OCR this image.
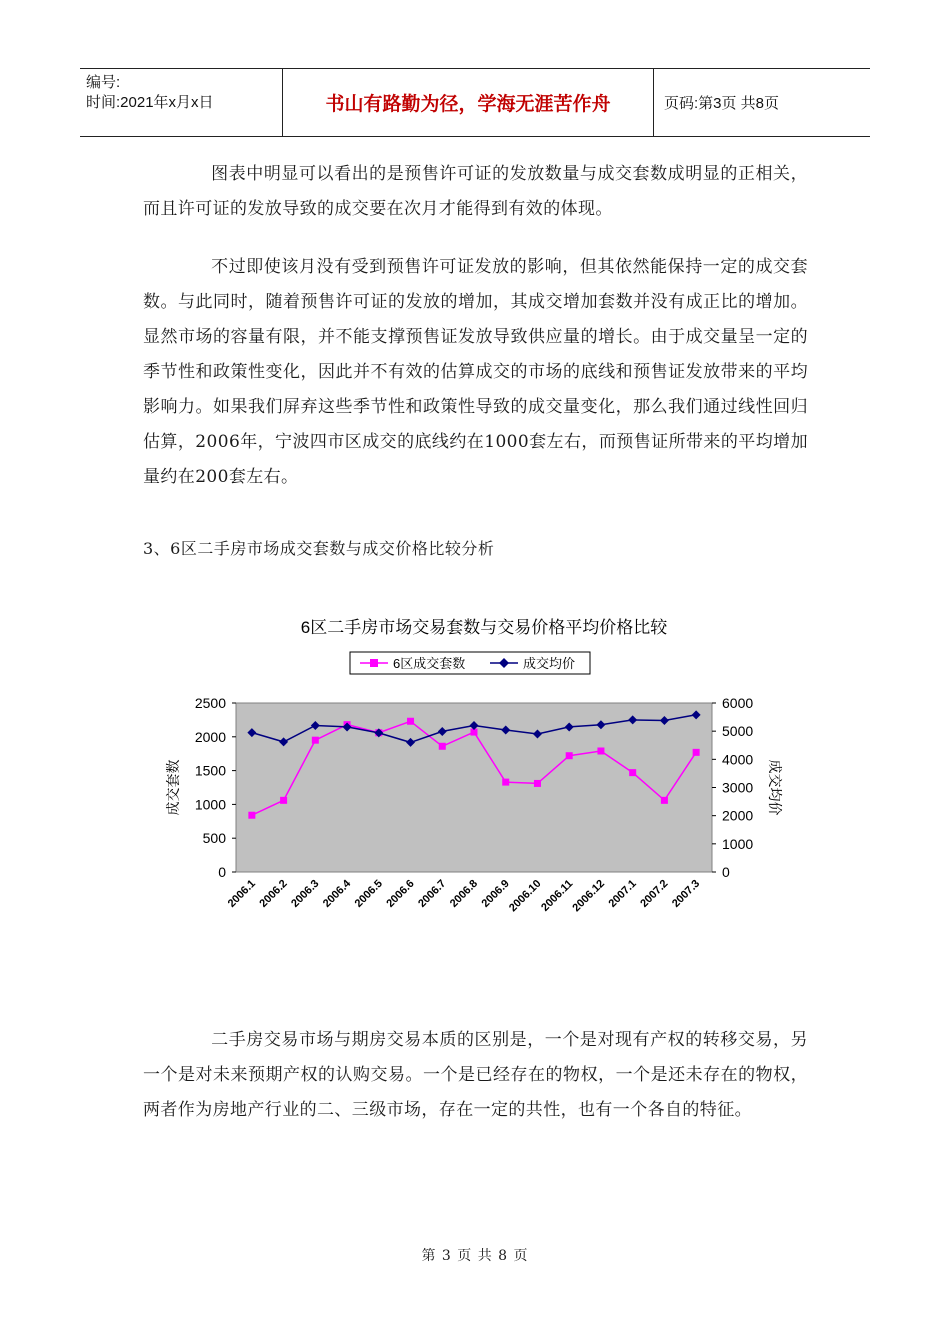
编号:
时间:2021年x月x日	书山有路勤为径，学海无涯苦作舟	页码:第3页 共8页

图表中明显可以看出的是预售许可证的发放数量与成交套数成明显的正相关，而且许可证的发放导致的成交要在次月才能得到有效的体现。

不过即使该月没有受到预售许可证发放的影响，但其依然能保持一定的成交套数。与此同时，随着预售许可证的发放的增加，其成交增加套数并没有成正比的增加。显然市场的容量有限，并不能支撑预售证发放导致供应量的增长。由于成交量呈一定的季节性和政策性变化，因此并不有效的估算成交的市场的底线和预售证发放带来的平均影响力。如果我们屏弃这些季节性和政策性导致的成交量变化，那么我们通过线性回归估算，2006年，宁波四市区成交的底线约在1000套左右，而预售证所带来的平均增加量约在200套左右。

3、6区二手房市场成交套数与成交价格比较分析

6区二手房市场交易套数与交易价格平均价格比较
6区成交套数	成交均价
0
500
1000
1500
2000
2500
0
1000
2000
3000
4000
5000
6000
成交套数	成交均价
2006.1 2006.2 2006.3 2006.4 2006.5 2006.6 2006.7 2006.8 2006.9
2006.10
2006.11
2006.12 2007.1 2007.2 2007.3

二手房交易市场与期房交易本质的区别是，一个是对现有产权的转移交易，另一个是对未来预期产权的认购交易。一个是已经存在的物权，一个是还未存在的物权，两者作为房地产行业的二、三级市场，存在一定的共性，也有一个各自的特征。

第 3 页 共 8 页
